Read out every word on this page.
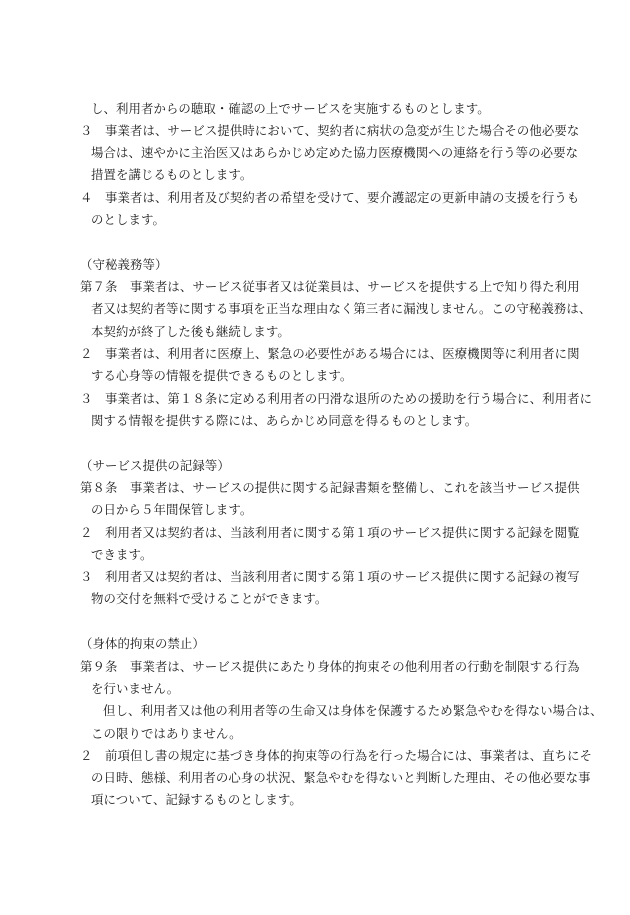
し、利用者からの聴取・確認の上でサービスを実施するものとします。
３　事業者は、サービス提供時において、契約者に病状の急変が生じた場合その他必要な
場合は、速やかに主治医又はあらかじめ定めた協力医療機関への連絡を行う等の必要な
措置を講じるものとします。
４　事業者は、利用者及び契約者の希望を受けて、要介護認定の更新申請の支援を行うも
のとします。
（守秘義務等）
第７条　事業者は、サービス従事者又は従業員は、サービスを提供する上で知り得た利用
者又は契約者等に関する事項を正当な理由なく第三者に漏洩しません。この守秘義務は、
本契約が終了した後も継続します。
２　事業者は、利用者に医療上、緊急の必要性がある場合には、医療機関等に利用者に関
する心身等の情報を提供できるものとします。
３　事業者は、第１８条に定める利用者の円滑な退所のための援助を行う場合に、利用者に
関する情報を提供する際には、あらかじめ同意を得るものとします。
（サービス提供の記録等）
第８条　事業者は、サービスの提供に関する記録書類を整備し、これを該当サービス提供
の日から５年間保管します。
２　利用者又は契約者は、当該利用者に関する第１項のサービス提供に関する記録を閲覧
できます。
３　利用者又は契約者は、当該利用者に関する第１項のサービス提供に関する記録の複写
物の交付を無料で受けることができます。
（身体的拘束の禁止）
第９条　事業者は、サービス提供にあたり身体的拘束その他利用者の行動を制限する行為
を行いません。
但し、利用者又は他の利用者等の生命又は身体を保護するため緊急やむを得ない場合は、
この限りではありません。
２　前項但し書の規定に基づき身体的拘束等の行為を行った場合には、事業者は、直ちにそ
の日時、態様、利用者の心身の状況、緊急やむを得ないと判断した理由、その他必要な事
項について、記録するものとします。
